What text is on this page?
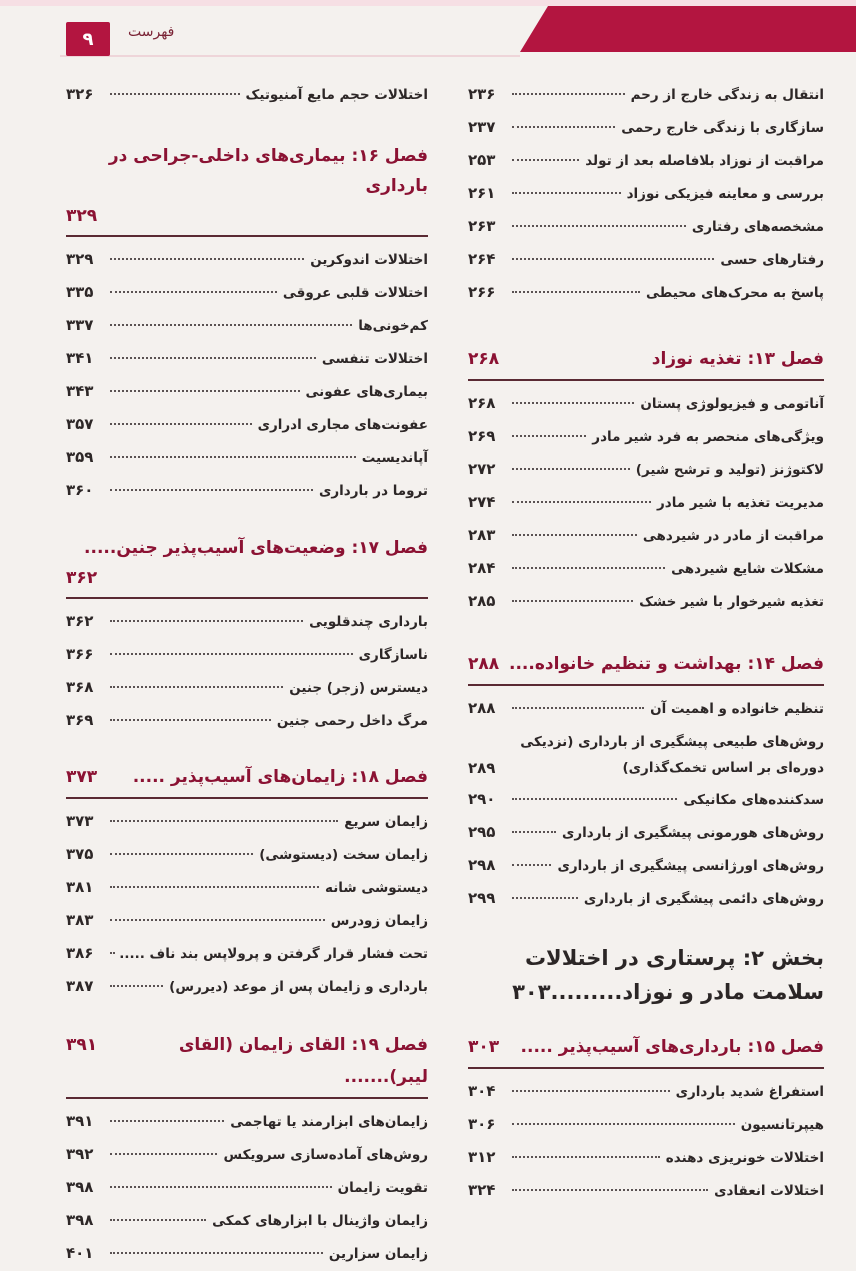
۹	فهرست
انتقال به زندگی خارج از رحم
۲۳۶
سازگاری با زندگی خارج رحمی
۲۳۷
مراقبت از نوزاد بلافاصله بعد از تولد
۲۵۳
بررسی و معاینه فیزیکی نوزاد
۲۶۱
مشخصه‌های رفتاری
۲۶۳
رفتارهای حسی
۲۶۴
پاسخ به محرک‌های محیطی
۲۶۶
فصل ۱۳: تغذیه نوزاد
۲۶۸
آناتومی و فیزیولوژی پستان
۲۶۸
ویژگی‌های منحصر به فرد شیر مادر
۲۶۹
لاکتوژنز (تولید و ترشح شیر)
۲۷۲
مدیریت تغذیه با شیر مادر
۲۷۴
مراقبت از مادر در شیردهی
۲۸۳
مشکلات شایع شیردهی
۲۸۴
تغذیه شیرخوار با شیر خشک
۲۸۵
فصل ۱۴: بهداشت و تنظیم خانواده....
۲۸۸
تنظیم خانواده و اهمیت آن
۲۸۸
روش‌های طبیعی پیشگیری از بارداری (نزدیکی دوره‌ای بر اساس تخمک‌گذاری)
۲۸۹
سدکننده‌های مکانیکی
۲۹۰
روش‌های هورمونی پیشگیری از بارداری
۲۹۵
روش‌های اورژانسی پیشگیری از بارداری
۲۹۸
روش‌های دائمی پیشگیری از بارداری
۲۹۹
بخش ۲: پرستاری در اختلالات سلامت مادر و نوزاد.........۳۰۳
فصل ۱۵: بارداری‌های آسیب‌پذیر .....
۳۰۳
استفراغ شدید بارداری
۳۰۴
هیپرتانسیون
۳۰۶
اختلالات خونریزی دهنده
۳۱۲
اختلالات انعقادی
۳۲۴
اختلالات حجم مایع آمنیوتیک
۳۲۶
فصل ۱۶: بیماری‌های داخلی-جراحی در بارداری
۳۲۹
اختلالات اندوکرین
۳۲۹
اختلالات قلبی عروقی
۳۳۵
کم‌خونی‌ها
۳۳۷
اختلالات تنفسی
۳۴۱
بیماری‌های عفونی
۳۴۳
عفونت‌های مجاری ادراری
۳۵۷
آپاندیسیت
۳۵۹
تروما در بارداری
۳۶۰
فصل ۱۷: وضعیت‌های آسیب‌پذیر جنین.....
۳۶۲
بارداری چندقلویی
۳۶۲
ناسازگاری
۳۶۶
دیسترس (زجر) جنین
۳۶۸
مرگ داخل رحمی جنین
۳۶۹
فصل ۱۸: زایمان‌های آسیب‌پذیر .....
۳۷۳
زایمان سریع
۳۷۳
زایمان سخت (دیستوشی)
۳۷۵
دیستوشی شانه
۳۸۱
زایمان زودرس
۳۸۳
تحت فشار قرار گرفتن و پرولاپس بند ناف .....
۳۸۶
بارداری و زایمان پس از موعد (دیررس)
۳۸۷
فصل ۱۹: القای زایمان (القای لیبر).......
۳۹۱
زایمان‌های ابزارمند یا تهاجمی
۳۹۱
روش‌های آماده‌سازی سرویکس
۳۹۲
تقویت زایمان
۳۹۸
زایمان واژینال با ابزارهای کمکی
۳۹۸
زایمان سزارین
۴۰۱
